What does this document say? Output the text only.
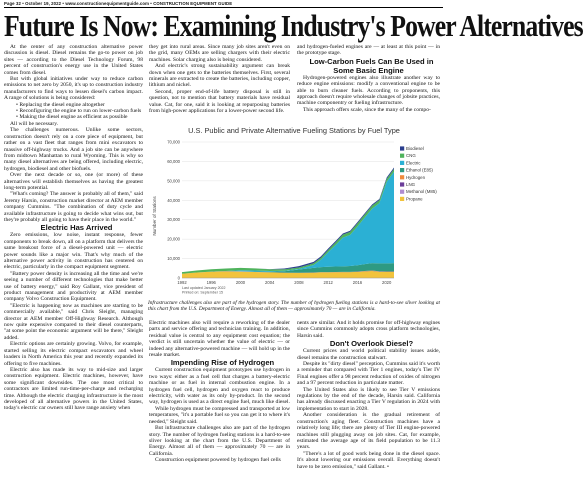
Page 32 • October 19, 2022 • www.constructionequipmentguide.com • CONSTRUCTION EQUIPMENT GUIDE
Future Is Now: Examining Industry's Power Alternatives

At the center of any construction alternative power discussion is diesel. Diesel remains the go-to power on job sites — according to the Diesel Technology Forum, 98 percent of construction's energy use in the United States comes from diesel.

But with global initiatives under way to reduce carbon emissions to net zero by 2050, it's up to construction industry manufacturers to find ways to lessen diesel's carbon impact. A range of solutions is being considered:

• Replacing the diesel engine altogether

• Reconfiguring the engine to run on lower-carbon fuels

• Making the diesel engine as efficient as possible

All will be necessary.

The challenges numerous. Unlike some sectors, construction doesn't rely on a core piece of equipment, but rather on a vast fleet that ranges from mini excavators to massive off-highway trucks. And a job site can be anywhere from midtown Manhattan to rural Wyoming. This is why so many diesel alternatives are being offered, including electric, hydrogen, biodiesel and other biofuels.

Over the next decade or so, one (or more) of these alternatives will establish themselves as having the greatest long-term potential.

"What's coming? The answer is probably all of them," said Jeremy Harsin, construction market director at AEM member company Cummins. "The combination of duty cycle and available infrastructure is going to decide what wins out, but they're probably all going to have their place in the world."

Electric Has Arrived

Zero emissions, low noise, instant response, fewer components to break down, all on a platform that delivers the same breakout force of a diesel-powered unit — electric power sounds like a major win. That's why much of the alternative power activity in construction has centered on electric, particularly in the compact equipment segment.

"Battery power density is increasing all the time and we're seeing a number of different technologies that make better use of battery energy," said Roy Gallant, vice president of product management and productivity at AEM member company Volvo Construction Equipment.

"Electric is happening now as machines are starting to be commercially available," said Chris Sleight, managing director at AEM member Off-Highway Research. Although now quite expensive compared to their diesel counterparts, "at some point the economic argument will be there," Sleight added.

Electric options are certainly growing. Volvo, for example, started selling its electric compact excavators and wheel loaders in North America this year and recently expanded its offering to five machines.

Electric also has made its way to mid-size and larger construction equipment. Electric machines, however, have some significant downsides. The one most critical to contractors are limited run-time-per-charge and recharging time. Although the electric charging infrastructure is the most developed of all alternative powers in the United States, today's electric car owners still have range anxiety when

they get into rural areas. Since many job sites aren't even on the grid, many OEMs are selling chargers with their electric machines. Solar charging also is being considered.

And electric's strong sustainability argument can break down when one gets to the batteries themselves. First, several minerals are extracted to create the batteries, including copper, lithium and nickel.

Second, proper end-of-life battery disposal is still in question, not to mention that battery materials have residual value. Cat, for one, said it is looking at repurposing batteries from high-power applications for a lower-power second life.

and hydrogen-fueled engines are — at least at this point — in the prototype stage.

Low-Carbon Fuels Can Be Used in Some Basic Engine

Hydrogen-powered engines also illustrate another way to reduce engine emissions: modify a conventional engine to be able to burn cleaner fuels. According to proponents, this approach doesn't require wholesale changes of jobsite practices, machine componentry or fueling infrastructure.

This approach offers scale, since the many of the compo-

U.S. Public and Private Alternative Fueling Stations by Fuel Type
Number of Stations
0
10,000
20,000
30,000
40,000
50,000
60,000
70,000
1992	1996	2000	2004	2008	2012	2016	2020
Biodiesel
CNG
Electric
Ethanol (E85)
Hydrogen
LNG
Methanol (M85)
Propane
Last updated January 2022
Printed on: September 15
Infrastructure challenges also are part of the hydrogen story. The number of hydrogen fueling stations is a hard-to-see sliver looking at this chart from the U.S. Department of Energy. Almost all of them — approximately 70 — are in California.

Electric machines also will require a reworking of the dealer parts and service offering and technician training. In addition, residual value is central to any equipment cost equation; the verdict is still uncertain whether the value of electric — or indeed any alternative-powered machine — will hold up in the resale market.

Impending Rise of Hydrogen

Current construction equipment prototypes use hydrogen in two ways: either as a fuel cell that charges a battery-electric machine or as fuel in internal combustion engine. In a hydrogen fuel cell, hydrogen and oxygen react to produce electricity, with water as its only by-product. In the second way, hydrogen is used as a direct engine fuel, much like diesel.

While hydrogen must be compressed and transported at low temperatures, "it's a portable fuel so you can get it to where it's needed," Sleight said.

But infrastructure challenges also are part of the hydrogen story. The number of hydrogen fueling stations is a hard-to-see sliver looking at the chart from the U.S. Department of Energy. Almost all of them — approximately 70 — are in California.

Construction equipment powered by hydrogen fuel cells

nents are similar. And it holds promise for off-highway engines since Cummins commonly adopts cross platform technologies, Harsin said.

Don't Overlook Diesel?

Current prices and world political stability issues aside, diesel remains the construction stalwart.

Despite its "dirty diesel" perception, Cummins said it's worth a reminder that compared with Tier 1 engines, today's Tier IV Final engines offer a 98 percent reduction of oxides of nitrogen and a 97 percent reduction in particulate matter.

The United States also is likely to see Tier V emissions regulations by the end of the decade, Harsin said. California has already discussed enacting a Tier V regulation in 2024 with implementation to start in 2028.

Another consideration is the gradual retirement of construction's aging fleet. Construction machines have a relatively long life; there are plenty of Tier III engine-powered machines still plugging away on job sites. Cat, for example, estimated the average age of its field population to be 11.3 years.

"There's a lot of good work being done in the diesel space. It's about lowering our emissions overall. Everything doesn't have to be zero emission," said Gallant. •
